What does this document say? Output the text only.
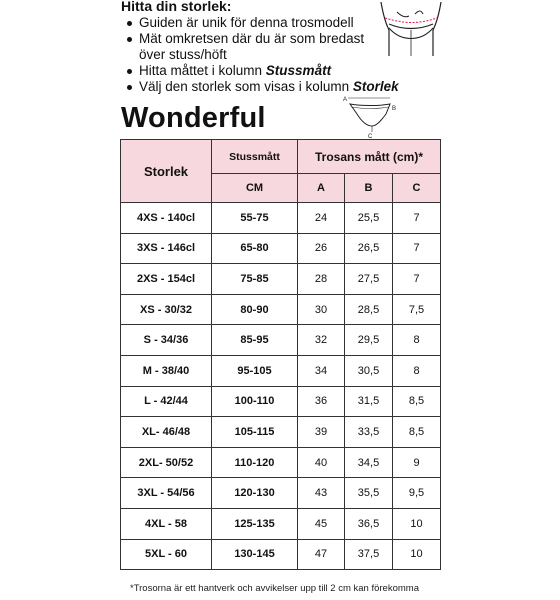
Hitta din storlek:
Guiden är unik för denna trosmodell
Mät omkretsen där du är som bredast
över stuss/höft
Hitta måttet i kolumn Stussmått
Välj den storlek som visas i kolumn Storlek
Wonderful
A
B
C
Storlek	Stussmått	Trosans mått (cm)*		
	CM	A	B	C
4XS - 140cl	55-75	24	25,5	7
3XS - 146cl	65-80	26	26,5	7
2XS - 154cl	75-85	28	27,5	7
XS - 30/32	80-90	30	28,5	7,5
S - 34/36	85-95	32	29,5	8
M - 38/40	95-105	34	30,5	8
L - 42/44	100-110	36	31,5	8,5
XL- 46/48	105-115	39	33,5	8,5
2XL- 50/52	110-120	40	34,5	9
3XL - 54/56	120-130	43	35,5	9,5
4XL - 58	125-135	45	36,5	10
5XL - 60	130-145	47	37,5	10
*Trosorna är ett hantverk och avvikelser upp till 2 cm kan förekomma
